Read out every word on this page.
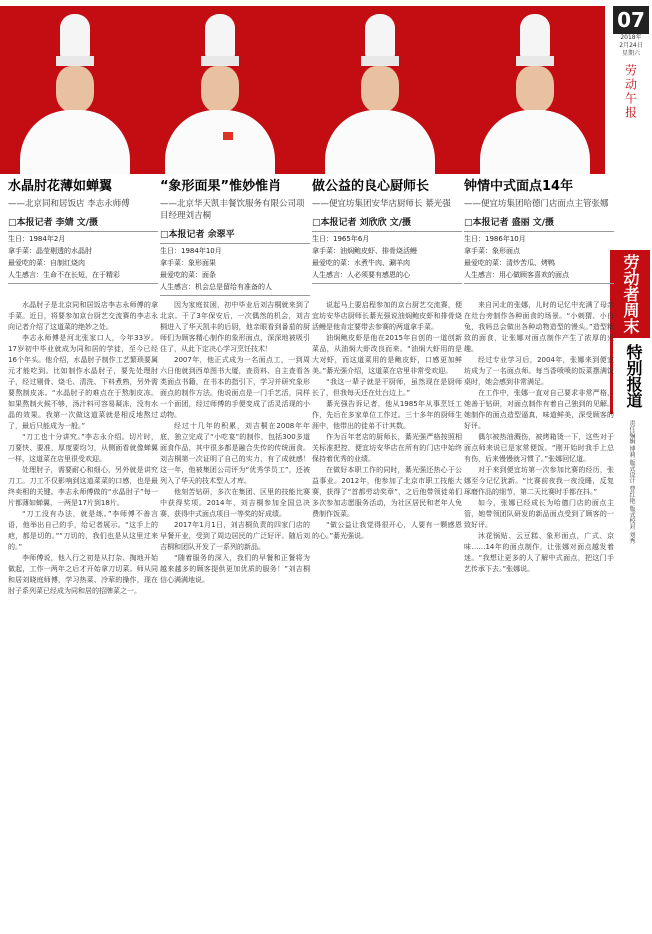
07
2018年
2月24日
星期六
劳动午报
劳动者周末
特别报道
责任编辑 博莉 版式设计 曹红艳 版式校对 刘秀
水晶肘花薄如蝉翼
——北京同和居饭店 李志永师傅
□本报记者 李婧 文/摄
生日：1984年2月
拿手菜：晶莹剔透的水晶肘
最爱吃的菜：自制红烧肉
人生感言：生命不在长短，在于精彩

水晶肘子是北京同和居饭店李志永师傅的拿手菜。近日，将要参加京台厨艺交流赛的李志永向记者介绍了这道菜的绝妙之处。

李志永师傅是河北张家口人，今年33岁。17岁初中毕业就成为同和居的学徒，至今已经16个年头。他介绍，水晶肘子制作工艺繁琐要属元才能吃到。比如制作水晶肘子，要先处理肘子，经过剔骨、烧毛、清洗、下料煮熟，另外需要熬制皮冻。“水晶肘子的难点在于熬制皮冻。如果熬制火候不够，汤汁料可容易凝冻，没有水晶的效果。我第一次做这道菜就是相反地熬过了，最后只能成为一般。”

“刀工也十分讲究。”李志永介绍。切片时，刀要快、要准，厚度要均匀，从侧面看就像蝉翼一样，这道菜在店里很受欢迎。

处理肘子，需要耐心和细心，另外就是讲究刀工。刀工不仅影响到这道菜菜的口感，也是最终卖相的关键。李志永师傅做的“水晶肘子”每一片都薄如蝉翼，一两是17片到18片。

“刀工没有办法，就是练。”李师傅不善言语，他举出自己的手，给记者展示。“这手上的疤，都是切的。”“刀切的，我们也是从这里过来的。”

李师傅说，他入行之初是从打杂、掏地开始做起，工作一两年之后才开始拿刀切菜。师从同和居刘晓庭师傅，学习热菜、冷荤的操作，现在肘子系列菜已经成为同和居的招牌菜之一。

“象形面果”惟妙惟肖
——北京华天凯丰餐饮服务有限公司项目经理刘吉桐
□本报记者 余翠平
生日：1984年10月
拿手菜：象形面果
最爱吃的菜：面条
人生感言：机会总是留给有准备的人

因为家庭贫困，初中毕业后刘吉桐就来到了北京。干了3年保安后，一次偶然的机会，刘吉桐进入了华天凯丰的后厨，他亲眼看到番茄的厨师们为顾客精心制作的象形面点，深深地被吸引住了，从此下定决心学习烹饪技术！

2007年，他正式成为一名面点工，一到周六日他就到西单图书大厦，查资料、自主查看各类面点书籍，在书本的指引下，学习并研究象形面点的制作方法。他说面点是一门手艺活，同样一个面团，经过师傅的手便变成了活灵活现的小动物。

经过十几年的积累，刘吉桐在2008年年底，独立完成了“小吃宴”的制作，包括300多道面食作品，其中很多都是融合失传的传统面食。刘吉桐第一次证明了自己的实力，有了成就感！这一年，他被集团公司评为“优秀学员工”，还被列入了华天的技术型人才库。

他刻苦钻研，多次在集团、区里的技能比赛中获得奖项。2014年，刘吉桐参加全国总决赛，获得中式面点项目一等奖的好成绩。

2017年1月1日，刘吉桐负责的四家门店的早餐开业，受到了周边居民的广泛好评。随后刘吉桐和团队开发了一系列的新品。

“随着服务的深入，我们的早餐和正餐将为越来越多的顾客提供更加优质的服务！”刘吉桐信心满满地说。

做公益的良心厨师长
——便宜坊集团安华店厨师长 綦光强
□本报记者 刘欣欣 文/摄
生日：1965年6月
拿手菜：油焖鲍皮虾、排骨烧活鳗
最爱吃的菜：水煮牛肉、涮羊肉
人生感言：人必须要有感恩的心

说起马上要启程参加的京台厨艺交流赛，便宜坊安华店厨师长綦光强说油焖鲍皮虾和排骨烧活鳗是他肯定要带去参赛的两道拿手菜。

油焖鲍皮虾是他在2015年自创的一道创新菜品，从油焖大虾改良而来。“油焖大虾用的是大对虾，而这道菜用的是鲍皮虾，口感更加鲜美。”綦光强介绍，这道菜在店里非常受欢迎。

“我这一辈子就是干厨师，虽然现在是厨师长了，但我每天还在灶台边上。”

綦光强告诉记者，他从1985年从事烹饪工作，先后在多家单位工作过。三十多年的厨师生涯中，他带出的徒弟不计其数。

作为百年老店的厨师长，綦光强严格按照相关标准把控，便宜坊安华店在所有的门店中始终保持着优秀的业绩。

在做好本职工作的同时，綦光强还热心于公益事业。2012年，他参加了北京市职工技能大赛，获得了“首都劳动奖章”，之后他带领徒弟们多次参加志愿服务活动，为社区居民和老年人免费制作饭菜。

“做公益让我觉得很开心，人要有一颗感恩的心。”綦光强说。

钟情中式面点14年
——便宜坊集团哈德门店面点主管张娜
□本报记者 盛丽 文/摄
生日：1986年10月
拿手菜：象形面点
最爱吃的菜：清炒苦瓜、烤鸭
人生感言：用心做顾客喜欢的面点

来自河北的张娜，儿时的记忆中充满了母亲在灶台旁制作各种面食的场景。“小刺猬、小白兔，我妈总会做出各种动物造型的馒头。”造型精致的面食，让张娜对面点制作产生了浓厚的兴趣。

经过专业学习后，2004年，张娜来到便宜坊成为了一名面点师。每当香喷喷的饭菜摆满饭桌时，她会感到非常满足。

在工作中，张娜一直对自己要求非常严格，她善于钻研，对面点制作有着自己独到的见解。她制作的面点造型逼真，味道鲜美，深受顾客的好评。

偶尔被热油溅伤，被烤箱烫一下，这些对于面点师来说已是家常便饭。“刚开始时我手上总有伤，后来慢慢就习惯了。”张娜回忆道。

对于来到便宜坊第一次参加比赛的经历，张娜至今记忆犹新。“比赛前夜我一夜没睡，反复琢磨作品的细节，第二天比赛时手都在抖。”

如今，张娜已经成长为哈德门店的面点主管，她带领团队研发的新品面点受到了顾客的一致好评。

沐花锅贴、云豆糕、象形面点，广式、京味……14年的面点制作，让张娜对面点越发着迷。“我想让更多的人了解中式面点，把这门手艺传承下去。”张娜说。
